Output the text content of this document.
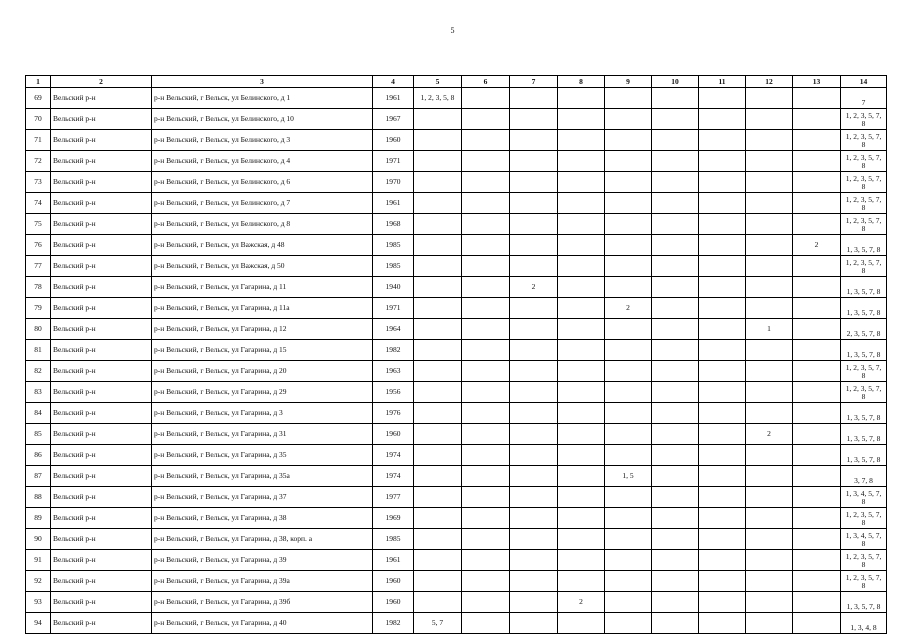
5
1	2	3	4	5	6	7	8	9	10	11	12	13	14
69	Вельский р-н	р-н Вельский, г Вельск, ул Белинского, д 1	1961	1, 2, 3, 5, 8									7
70	Вельский р-н	р-н Вельский, г Вельск, ул Белинского, д 10	1967										1, 2, 3, 5, 7, 8
71	Вельский р-н	р-н Вельский, г Вельск, ул Белинского, д 3	1960										1, 2, 3, 5, 7, 8
72	Вельский р-н	р-н Вельский, г Вельск, ул Белинского, д 4	1971										1, 2, 3, 5, 7, 8
73	Вельский р-н	р-н Вельский, г Вельск, ул Белинского, д 6	1970										1, 2, 3, 5, 7, 8
74	Вельский р-н	р-н Вельский, г Вельск, ул Белинского, д 7	1961										1, 2, 3, 5, 7, 8
75	Вельский р-н	р-н Вельский, г Вельск, ул Белинского, д 8	1968										1, 2, 3, 5, 7, 8
76	Вельский р-н	р-н Вельский, г Вельск, ул Важская, д 48	1985									2	1, 3, 5, 7, 8
77	Вельский р-н	р-н Вельский, г Вельск, ул Важская, д 50	1985										1, 2, 3, 5, 7, 8
78	Вельский р-н	р-н Вельский, г Вельск, ул Гагарина, д 11	1940			2							1, 3, 5, 7, 8
79	Вельский р-н	р-н Вельский, г Вельск, ул Гагарина, д 11а	1971					2					1, 3, 5, 7, 8
80	Вельский р-н	р-н Вельский, г Вельск, ул Гагарина, д 12	1964								1		2, 3, 5, 7, 8
81	Вельский р-н	р-н Вельский, г Вельск, ул Гагарина, д 15	1982										1, 3, 5, 7, 8
82	Вельский р-н	р-н Вельский, г Вельск, ул Гагарина, д 20	1963										1, 2, 3, 5, 7, 8
83	Вельский р-н	р-н Вельский, г Вельск, ул Гагарина, д 29	1956										1, 2, 3, 5, 7, 8
84	Вельский р-н	р-н Вельский, г Вельск, ул Гагарина, д 3	1976										1, 3, 5, 7, 8
85	Вельский р-н	р-н Вельский, г Вельск, ул Гагарина, д 31	1960								2		1, 3, 5, 7, 8
86	Вельский р-н	р-н Вельский, г Вельск, ул Гагарина, д 35	1974										1, 3, 5, 7, 8
87	Вельский р-н	р-н Вельский, г Вельск, ул Гагарина, д 35а	1974					1, 5					3, 7, 8
88	Вельский р-н	р-н Вельский, г Вельск, ул Гагарина, д 37	1977										1, 3, 4, 5, 7, 8
89	Вельский р-н	р-н Вельский, г Вельск, ул Гагарина, д 38	1969										1, 2, 3, 5, 7, 8
90	Вельский р-н	р-н Вельский, г Вельск, ул Гагарина, д 38, корп. а	1985										1, 3, 4, 5, 7, 8
91	Вельский р-н	р-н Вельский, г Вельск, ул Гагарина, д 39	1961										1, 2, 3, 5, 7, 8
92	Вельский р-н	р-н Вельский, г Вельск, ул Гагарина, д 39а	1960										1, 2, 3, 5, 7, 8
93	Вельский р-н	р-н Вельский, г Вельск, ул Гагарина, д 39б	1960				2						1, 3, 5, 7, 8
94	Вельский р-н	р-н Вельский, г Вельск, ул Гагарина, д 40	1982	5, 7									1, 3, 4, 8
